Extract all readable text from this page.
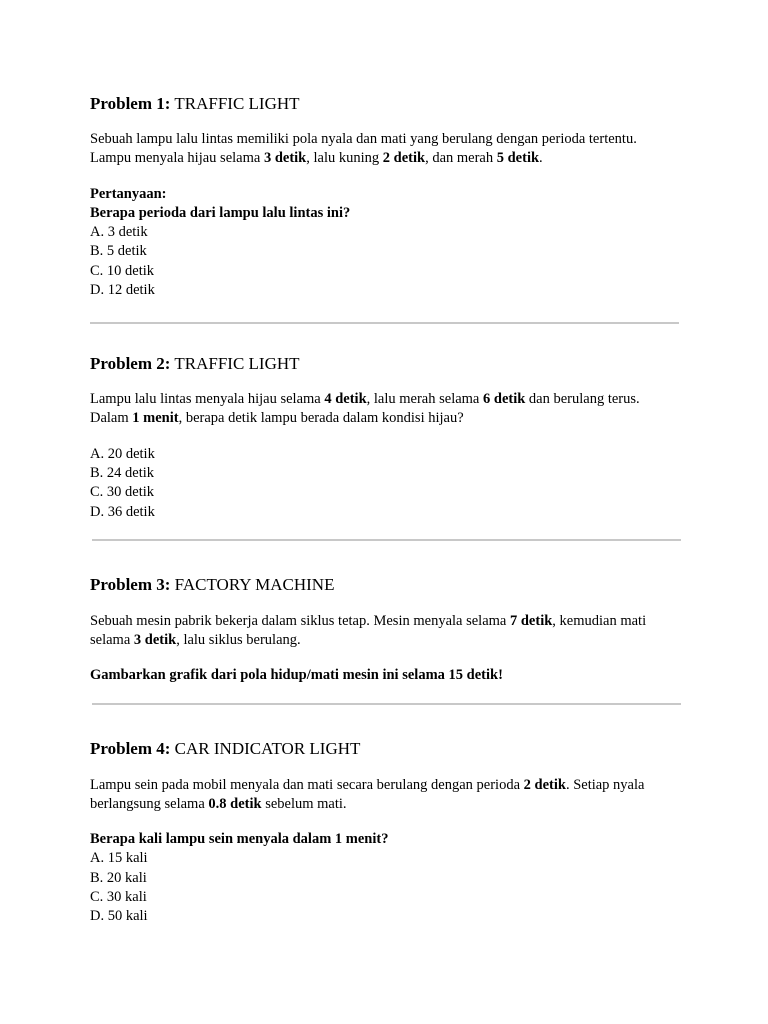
Problem 1: TRAFFIC LIGHT
Sebuah lampu lalu lintas memiliki pola nyala dan mati yang berulang dengan perioda tertentu.
Lampu menyala hijau selama 3 detik, lalu kuning 2 detik, dan merah 5 detik.
Pertanyaan:
Berapa perioda dari lampu lalu lintas ini?
A. 3 detik
B. 5 detik
C. 10 detik
D. 12 detik
Problem 2: TRAFFIC LIGHT
Lampu lalu lintas menyala hijau selama 4 detik, lalu merah selama 6 detik dan berulang terus.
Dalam 1 menit, berapa detik lampu berada dalam kondisi hijau?
A. 20 detik
B. 24 detik
C. 30 detik
D. 36 detik
Problem 3: FACTORY MACHINE
Sebuah mesin pabrik bekerja dalam siklus tetap. Mesin menyala selama 7 detik, kemudian mati
selama 3 detik, lalu siklus berulang.
Gambarkan grafik dari pola hidup/mati mesin ini selama 15 detik!
Problem 4: CAR INDICATOR LIGHT
Lampu sein pada mobil menyala dan mati secara berulang dengan perioda 2 detik. Setiap nyala
berlangsung selama 0.8 detik sebelum mati.
Berapa kali lampu sein menyala dalam 1 menit?
A. 15 kali
B. 20 kali
C. 30 kali
D. 50 kali
